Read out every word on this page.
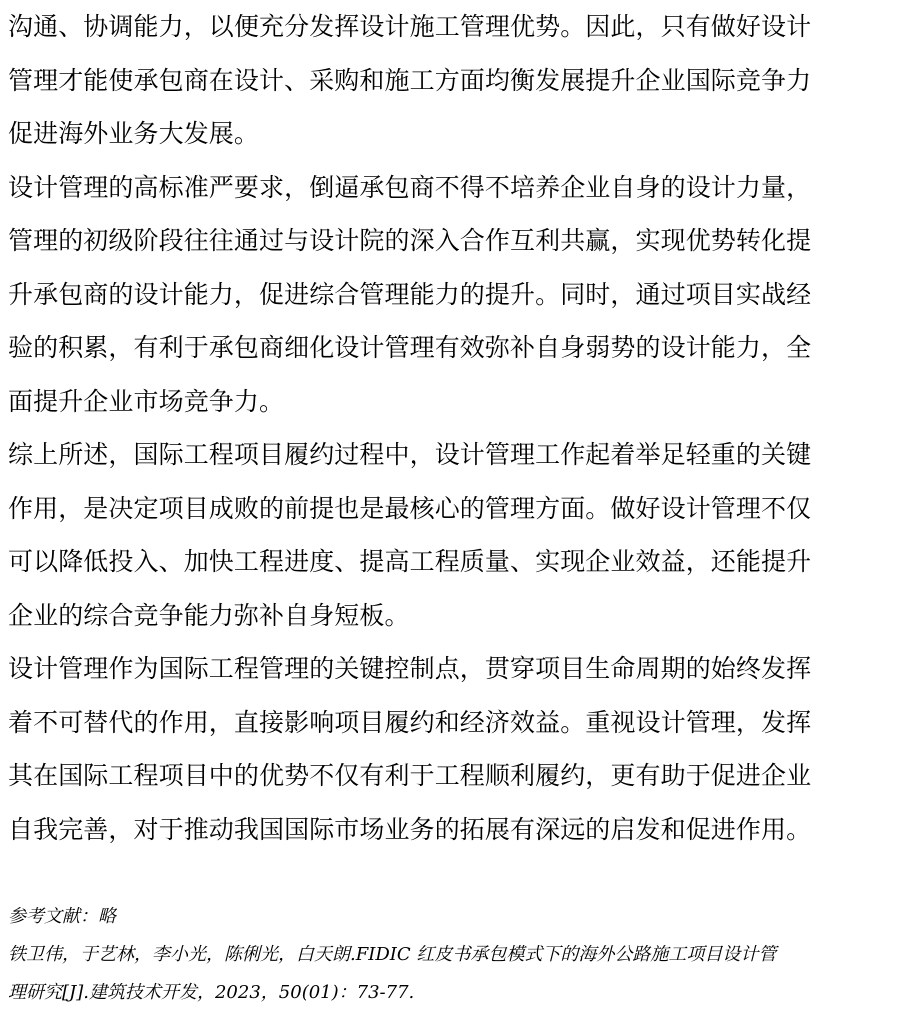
沟通、协调能力，以便充分发挥设计施工管理优势。因此，只有做好设计
管理才能使承包商在设计、采购和施工方面均衡发展提升企业国际竞争力
促进海外业务大发展。

设计管理的高标准严要求，倒逼承包商不得不培养企业自身的设计力量，
管理的初级阶段往往通过与设计院的深入合作互利共赢，实现优势转化提
升承包商的设计能力，促进综合管理能力的提升。同时，通过项目实战经
验的积累，有利于承包商细化设计管理有效弥补自身弱势的设计能力，全
面提升企业市场竞争力。

综上所述，国际工程项目履约过程中，设计管理工作起着举足轻重的关键
作用，是决定项目成败的前提也是最核心的管理方面。做好设计管理不仅
可以降低投入、加快工程进度、提高工程质量、实现企业效益，还能提升
企业的综合竞争能力弥补自身短板。

设计管理作为国际工程管理的关键控制点，贯穿项目生命周期的始终发挥
着不可替代的作用，直接影响项目履约和经济效益。重视设计管理，发挥
其在国际工程项目中的优势不仅有利于工程顺利履约，更有助于促进企业
自我完善，对于推动我国国际市场业务的拓展有深远的启发和促进作用。

参考文献：略
铁卫伟，于艺林，李小光，陈俐光，白天朗.FIDIC 红皮书承包模式下的海外公路施工项目设计管
理研究[J].建筑技术开发，2023，50(01)：73-77.
